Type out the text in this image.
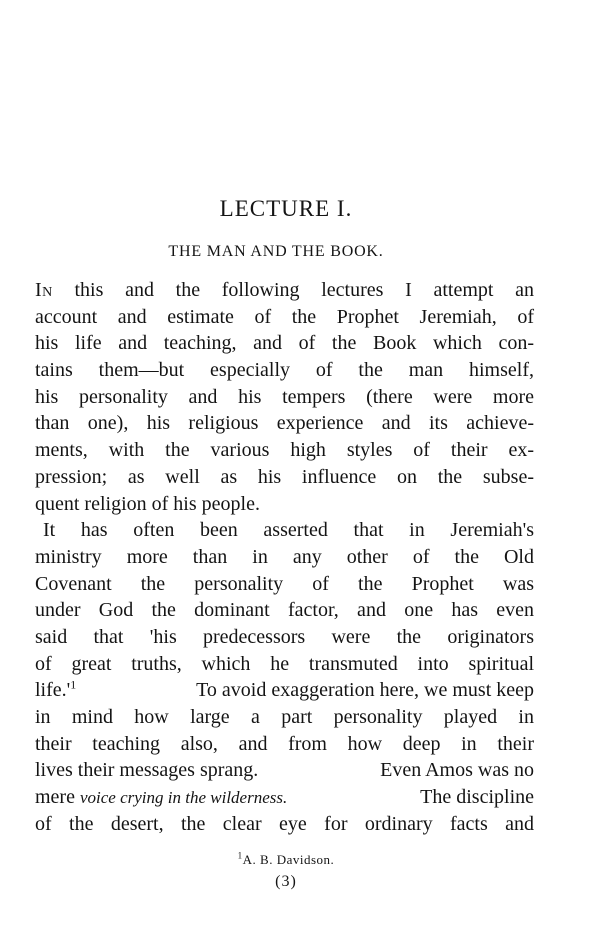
LECTURE I.
THE MAN AND THE BOOK.
In this and the following lectures I attempt an
account and estimate of the Prophet Jeremiah, of
his life and teaching, and of the Book which con-
tains them—but especially of the man himself,
his personality and his tempers (there were more
than one), his religious experience and its achieve-
ments, with the various high styles of their ex-
pression; as well as his influence on the subse-
quent religion of his people.
It has often been asserted that in Jeremiah's
ministry more than in any other of the Old
Covenant the personality of the Prophet was
under God the dominant factor, and one has even
said that 'his predecessors were the originators
of great truths, which he transmuted into spiritual
life.'$^1$	To avoid exaggeration here, we must keep
in mind how large a part personality played in
their teaching also, and from how deep in their
lives their messages sprang.	Even Amos was no
mere voice crying in the wilderness.	The discipline
of the desert, the clear eye for ordinary facts and

$^1$A. B. Davidson.

(3)
